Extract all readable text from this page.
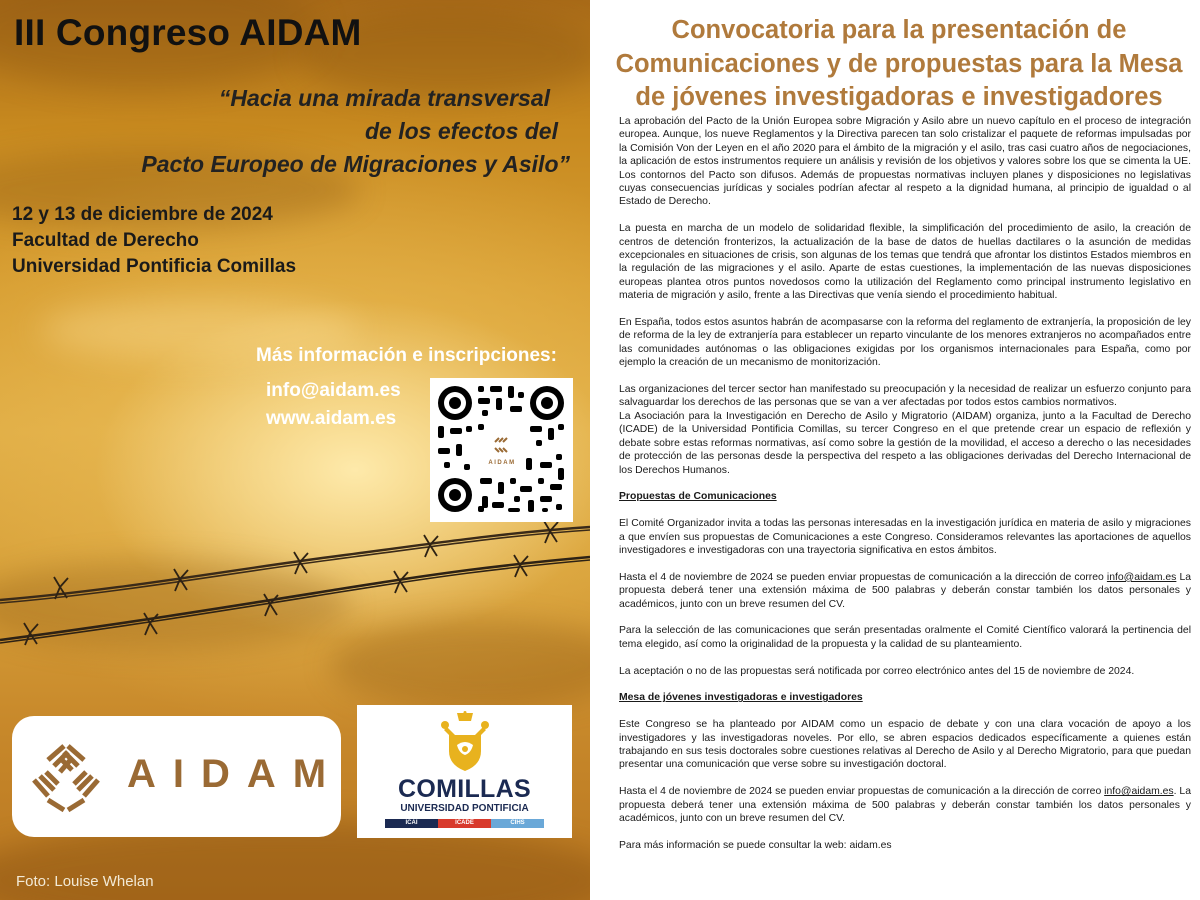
III Congreso AIDAM
“Hacia una mirada transversal
de los efectos del
Pacto Europeo de Migraciones y Asilo”
12 y 13 de diciembre de 2024
Facultad de Derecho
Universidad Pontificia Comillas
Más información e inscripciones:
info@aidam.es
www.aidam.es
AIDAM
AIDAM	COMILLAS
UNIVERSIDAD PONTIFICIA
ICAI	ICADE	CIHS
Foto: Louise Whelan
Convocatoria para la presentación de
Comunicaciones y de propuestas para la Mesa
de jóvenes investigadoras e investigadores

La aprobación del Pacto de la Unión Europea sobre Migración y Asilo abre un nuevo capítulo en el proceso de integración europea. Aunque, los nueve Reglamentos y la Directiva parecen tan solo cristalizar el paquete de reformas impulsadas por la Comisión Von der Leyen en el año 2020 para el ámbito de la migración y el asilo, tras casi cuatro años de negociaciones, la aplicación de estos instrumentos requiere un análisis y revisión de los objetivos y valores sobre los que se cimenta la UE. Los contornos del Pacto son difusos. Además de propuestas normativas incluyen planes y disposiciones no legislativas cuyas consecuencias jurídicas y sociales podrían afectar al respeto a la dignidad humana, al principio de igualdad o al Estado de Derecho.

La puesta en marcha de un modelo de solidaridad flexible, la simplificación del procedimiento de asilo, la creación de centros de detención fronterizos, la actualización de la base de datos de huellas dactilares o la asunción de medidas excepcionales en situaciones de crisis, son algunas de los temas que tendrá que afrontar los distintos Estados miembros en la regulación de las migraciones y el asilo. Aparte de estas cuestiones, la implementación de las nuevas disposiciones europeas plantea otros puntos novedosos como la utilización del Reglamento como principal instrumento legislativo en materia de migración y asilo, frente a las Directivas que venía siendo el procedimiento habitual.

En España, todos estos asuntos habrán de acompasarse con la reforma del reglamento de extranjería, la proposición de ley de reforma de la ley de extranjería para establecer un reparto vinculante de los menores extranjeros no acompañados entre las comunidades autónomas o las obligaciones exigidas por los organismos internacionales para España, como por ejemplo la creación de un mecanismo de monitorización.

Las organizaciones del tercer sector han manifestado su preocupación y la necesidad de realizar un esfuerzo conjunto para salvaguardar los derechos de las personas que se van a ver afectadas por todos estos cambios normativos.

La Asociación para la Investigación en Derecho de Asilo y Migratorio (AIDAM) organiza, junto a la Facultad de Derecho (ICADE) de la Universidad Pontificia Comillas, su tercer Congreso en el que pretende crear un espacio de reflexión y debate sobre estas reformas normativas, así como sobre la gestión de la movilidad, el acceso a derecho o las necesidades de protección de las personas desde la perspectiva del respeto a las obligaciones derivadas del Derecho Internacional de los Derechos Humanos.

Propuestas de Comunicaciones

El Comité Organizador invita a todas las personas interesadas en la investigación jurídica en materia de asilo y migraciones a que envíen sus propuestas de Comunicaciones a este Congreso. Consideramos relevantes las aportaciones de aquellos investigadores e investigadoras con una trayectoria significativa en estos ámbitos.

Hasta el 4 de noviembre de 2024 se pueden enviar propuestas de comunicación a la dirección de correo info@aidam.es La propuesta deberá tener una extensión máxima de 500 palabras y deberán constar también los datos personales y académicos, junto con un breve resumen del CV.

Para la selección de las comunicaciones que serán presentadas oralmente el Comité Científico valorará la pertinencia del tema elegido, así como la originalidad de la propuesta y la calidad de su planteamiento.

La aceptación o no de las propuestas será notificada por correo electrónico antes del 15 de noviembre de 2024.

Mesa de jóvenes investigadoras e investigadores

Este Congreso se ha planteado por AIDAM como un espacio de debate y con una clara vocación de apoyo a los investigadores y las investigadoras noveles. Por ello, se abren espacios dedicados específicamente a quienes están trabajando en sus tesis doctorales sobre cuestiones relativas al Derecho de Asilo y al Derecho Migratorio, para que puedan presentar una comunicación que verse sobre su investigación doctoral.

Hasta el 4 de noviembre de 2024 se pueden enviar propuestas de comunicación a la dirección de correo info@aidam.es. La propuesta deberá tener una extensión máxima de 500 palabras y deberán constar también los datos personales y académicos, junto con un breve resumen del CV.

Para más información se puede consultar la web: aidam.es
